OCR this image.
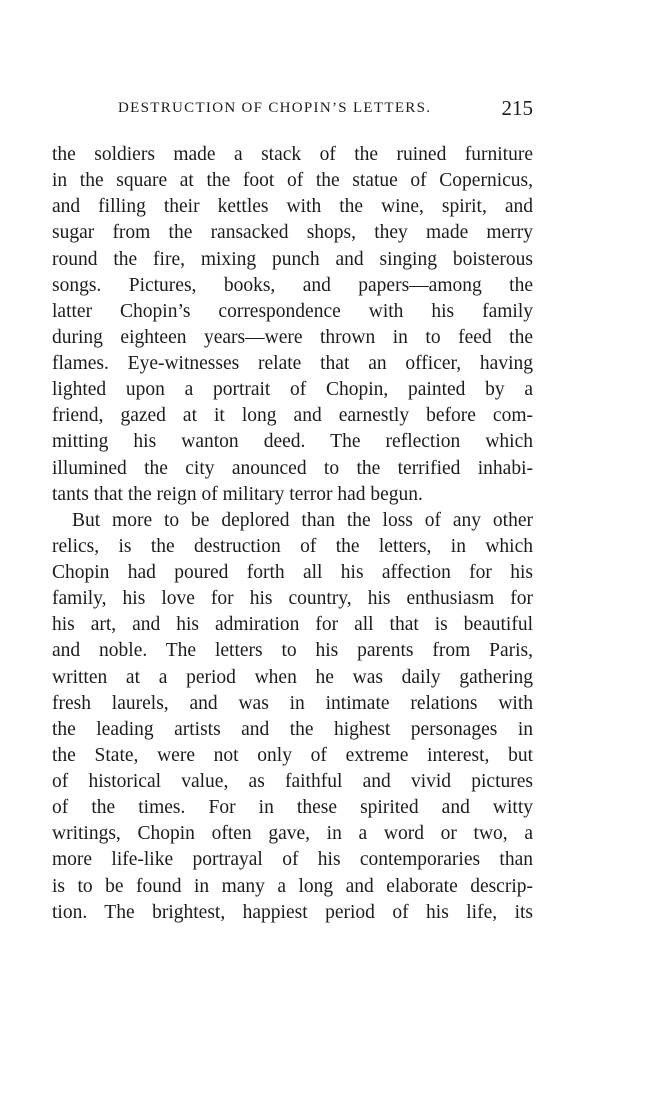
DESTRUCTION OF CHOPIN’S LETTERS.	215
the soldiers made a stack of the ruined furniture
in the square at the foot of the statue of Copernicus,
and filling their kettles with the wine, spirit, and
sugar from the ransacked shops, they made merry
round the fire, mixing punch and singing boisterous
songs. Pictures, books, and papers—among the
latter Chopin’s correspondence with his family
during eighteen years—were thrown in to feed the
flames. Eye-witnesses relate that an officer, having
lighted upon a portrait of Chopin, painted by a
friend, gazed at it long and earnestly before com-
mitting his wanton deed. The reflection which
illumined the city anounced to the terrified inhabi-
tants that the reign of military terror had begun.
But more to be deplored than the loss of any other
relics, is the destruction of the letters, in which
Chopin had poured forth all his affection for his
family, his love for his country, his enthusiasm for
his art, and his admiration for all that is beautiful
and noble. The letters to his parents from Paris,
written at a period when he was daily gathering
fresh laurels, and was in intimate relations with
the leading artists and the highest personages in
the State, were not only of extreme interest, but
of historical value, as faithful and vivid pictures
of the times. For in these spirited and witty
writings, Chopin often gave, in a word or two, a
more life-like portrayal of his contemporaries than
is to be found in many a long and elaborate descrip-
tion. The brightest, happiest period of his life, its
